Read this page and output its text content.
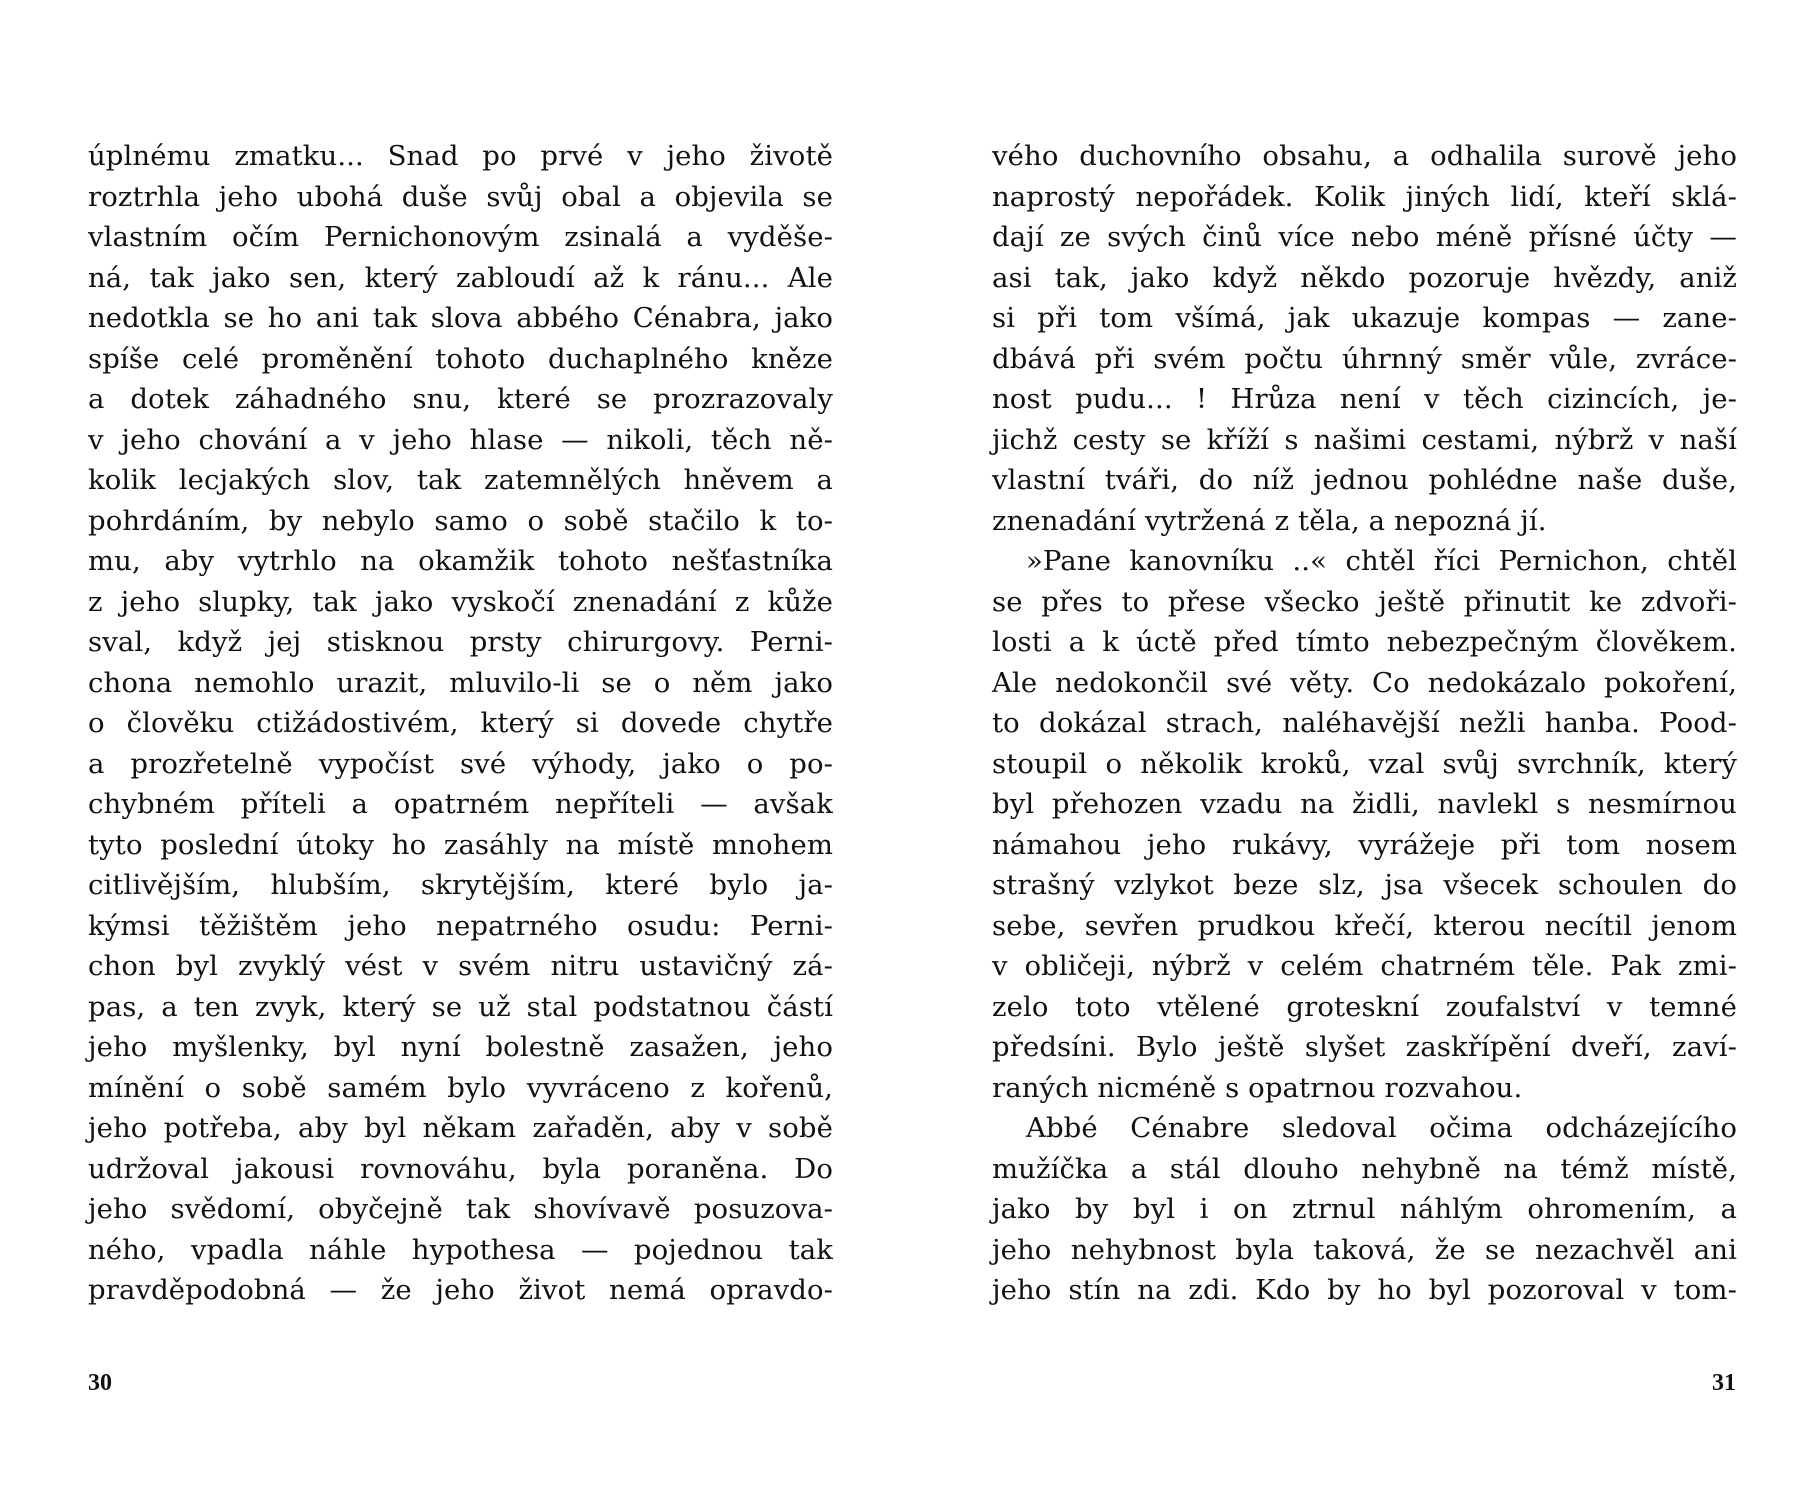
úplnému zmatku... Snad po prvé v jeho životě
roztrhla jeho ubohá duše svůj obal a objevila se
vlastním očím Pernichonovým zsinalá a vyděše-
ná, tak jako sen, který zabloudí až k ránu... Ale
nedotkla se ho ani tak slova abbého Cénabra, jako
spíše celé proměnění tohoto duchaplného kněze
a dotek záhadného snu, které se prozrazovaly
v jeho chování a v jeho hlase — nikoli, těch ně-
kolik lecjakých slov, tak zatemnělých hněvem a
pohrdáním, by nebylo samo o sobě stačilo k to-
mu, aby vytrhlo na okamžik tohoto nešťastníka
z jeho slupky, tak jako vyskočí znenadání z kůže
sval, když jej stisknou prsty chirurgovy. Perni-
chona nemohlo urazit, mluvilo-li se o něm jako
o člověku ctižádostivém, který si dovede chytře
a prozřetelně vypočíst své výhody, jako o po-
chybném příteli a opatrném nepříteli — avšak
tyto poslední útoky ho zasáhly na místě mnohem
citlivějším, hlubším, skrytějším, které bylo ja-
kýmsi těžištěm jeho nepatrného osudu: Perni-
chon byl zvyklý vést v svém nitru ustavičný zá-
pas, a ten zvyk, který se už stal podstatnou částí
jeho myšlenky, byl nyní bolestně zasažen, jeho
mínění o sobě samém bylo vyvráceno z kořenů,
jeho potřeba, aby byl někam zařaděn, aby v sobě
udržoval jakousi rovnováhu, byla poraněna. Do
jeho svědomí, obyčejně tak shovívavě posuzova-
ného, vpadla náhle hypothesa — pojednou tak
pravděpodobná — že jeho život nemá opravdo-
30
vého duchovního obsahu, a odhalila surově jeho
naprostý nepořádek. Kolik jiných lidí, kteří sklá-
dají ze svých činů více nebo méně přísné účty —
asi tak, jako když někdo pozoruje hvězdy, aniž
si při tom všímá, jak ukazuje kompas — zane-
dbává při svém počtu úhrnný směr vůle, zvráce-
nost pudu... ! Hrůza není v těch cizincích, je-
jichž cesty se kříží s našimi cestami, nýbrž v naší
vlastní tváři, do níž jednou pohlédne naše duše,
znenadání vytržená z těla, a nepozná jí.
»Pane kanovníku ..« chtěl říci Pernichon, chtěl
se přes to přese všecko ještě přinutit ke zdvoři-
losti a k úctě před tímto nebezpečným člověkem.
Ale nedokončil své věty. Co nedokázalo pokoření,
to dokázal strach, naléhavější nežli hanba. Pood-
stoupil o několik kroků, vzal svůj svrchník, který
byl přehozen vzadu na židli, navlekl s nesmírnou
námahou jeho rukávy, vyrážeje při tom nosem
strašný vzlykot beze slz, jsa všecek schoulen do
sebe, sevřen prudkou křečí, kterou necítil jenom
v obličeji, nýbrž v celém chatrném těle. Pak zmi-
zelo toto vtělené groteskní zoufalství v temné
předsíni. Bylo ještě slyšet zaskřípění dveří, zaví-
raných nicméně s opatrnou rozvahou.
Abbé Cénabre sledoval očima odcházejícího
mužíčka a stál dlouho nehybně na témž místě,
jako by byl i on ztrnul náhlým ohromením, a
jeho nehybnost byla taková, že se nezachvěl ani
jeho stín na zdi. Kdo by ho byl pozoroval v tom-
31
